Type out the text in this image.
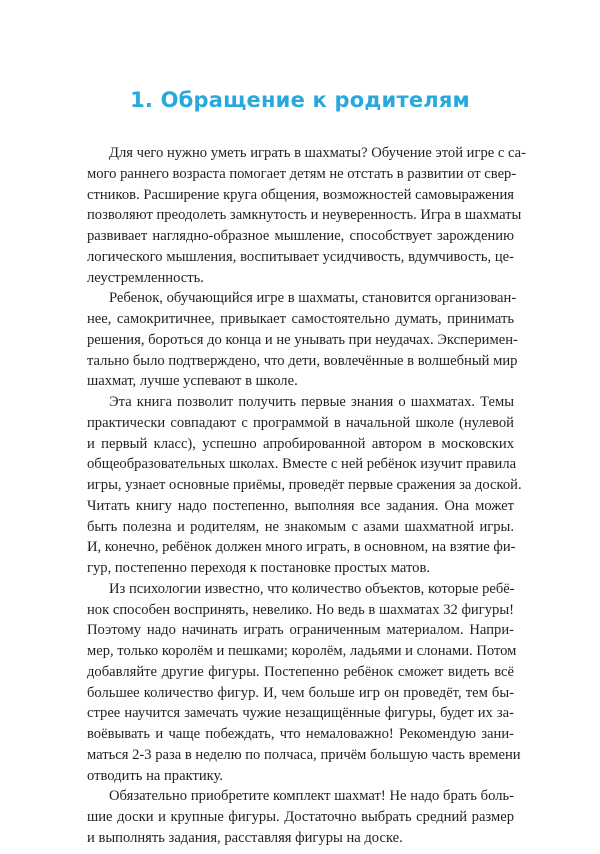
1. Обращение к родителям
Для чего нужно уметь играть в шахматы? Обучение этой игре с са-
мого раннего возраста помогает детям не отстать в развитии от свер-
стников. Расширение круга общения, возможностей самовыражения
позволяют преодолеть замкнутость и неуверенность. Игра в шахматы
развивает наглядно-образное мышление, способствует зарождению
логического мышления, воспитывает усидчивость, вдумчивость, це-
леустремленность.
Ребенок, обучающийся игре в шахматы, становится организован-
нее, самокритичнее, привыкает самостоятельно думать, принимать
решения, бороться до конца и не унывать при неудачах. Эксперимен-
тально было подтверждено, что дети, вовлечённые в волшебный мир
шахмат, лучше успевают в школе.
Эта книга позволит получить первые знания о шахматах. Темы
практически совпадают с программой в начальной школе (нулевой
и первый класс), успешно апробированной автором в московских
общеобразовательных школах. Вместе с ней ребёнок изучит правила
игры, узнает основные приёмы, проведёт первые сражения за доской.
Читать книгу надо постепенно, выполняя все задания. Она может
быть полезна и родителям, не знакомым с азами шахматной игры.
И, конечно, ребёнок должен много играть, в основном, на взятие фи-
гур, постепенно переходя к постановке простых матов.
Из психологии известно, что количество объектов, которые ребё-
нок способен воспринять, невелико. Но ведь в шахматах 32 фигуры!
Поэтому надо начинать играть ограниченным материалом. Напри-
мер, только королём и пешками; королём, ладьями и слонами. Потом
добавляйте другие фигуры. Постепенно ребёнок сможет видеть всё
большее количество фигур. И, чем больше игр он проведёт, тем бы-
стрее научится замечать чужие незащищённые фигуры, будет их за-
воёвывать и чаще побеждать, что немаловажно! Рекомендую зани-
маться 2-3 раза в неделю по полчаса, причём большую часть времени
отводить на практику.
Обязательно приобретите комплект шахмат! Не надо брать боль-
шие доски и крупные фигуры. Достаточно выбрать средний размер
и выполнять задания, расставляя фигуры на доске.
